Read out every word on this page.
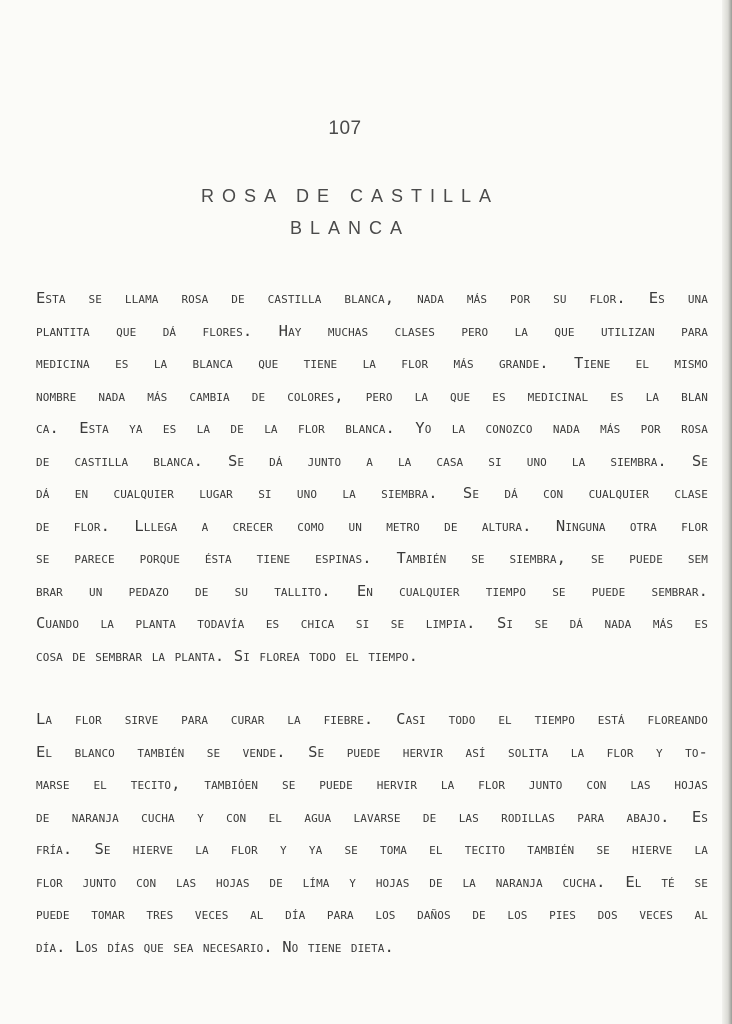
107
ROSA DE CASTILLA
BLANCA
Esta se llama rosa de castilla blanca, nada más por su flor. Es una
plantita que dá flores. Hay muchas clases pero la que utilizan para
medicina es la blanca que tiene la flor más grande. Tiene el mismo
nombre nada más cambia de colores, pero la que es medicinal es la blan
ca. Esta ya es la de la flor blanca. Yo la conozco nada más por rosa
de castilla blanca. Se dá junto a la casa si uno la siembra. Se
dá en cualquier lugar si uno la siembra. Se dá con cualquier clase
de flor. Lllega a crecer como un metro de altura. Ninguna otra flor
se parece porque ésta tiene espinas. También se siembra, se puede sem
brar un pedazo de su tallito. En cualquier tiempo se puede sembrar.
Cuando la planta todavía es chica si se limpia. Si se dá nada más es
cosa de sembrar la planta. Si florea todo el tiempo.
La flor sirve para curar la fiebre. Casi todo el tiempo está floreando
El blanco también se vende. Se puede hervir así solita la flor y to-
marse el tecito, tambióen se puede hervir la flor junto con las hojas
de naranja cucha y con el agua lavarse de las rodillas para abajo. Es
fría. Se hierve la flor y ya se toma el tecito también se hierve la
flor junto con las hojas de líma y hojas de la naranja cucha. El té se
puede tomar tres veces al día para los daños de los pies dos veces al
día. Los días que sea necesario. No tiene dieta.
